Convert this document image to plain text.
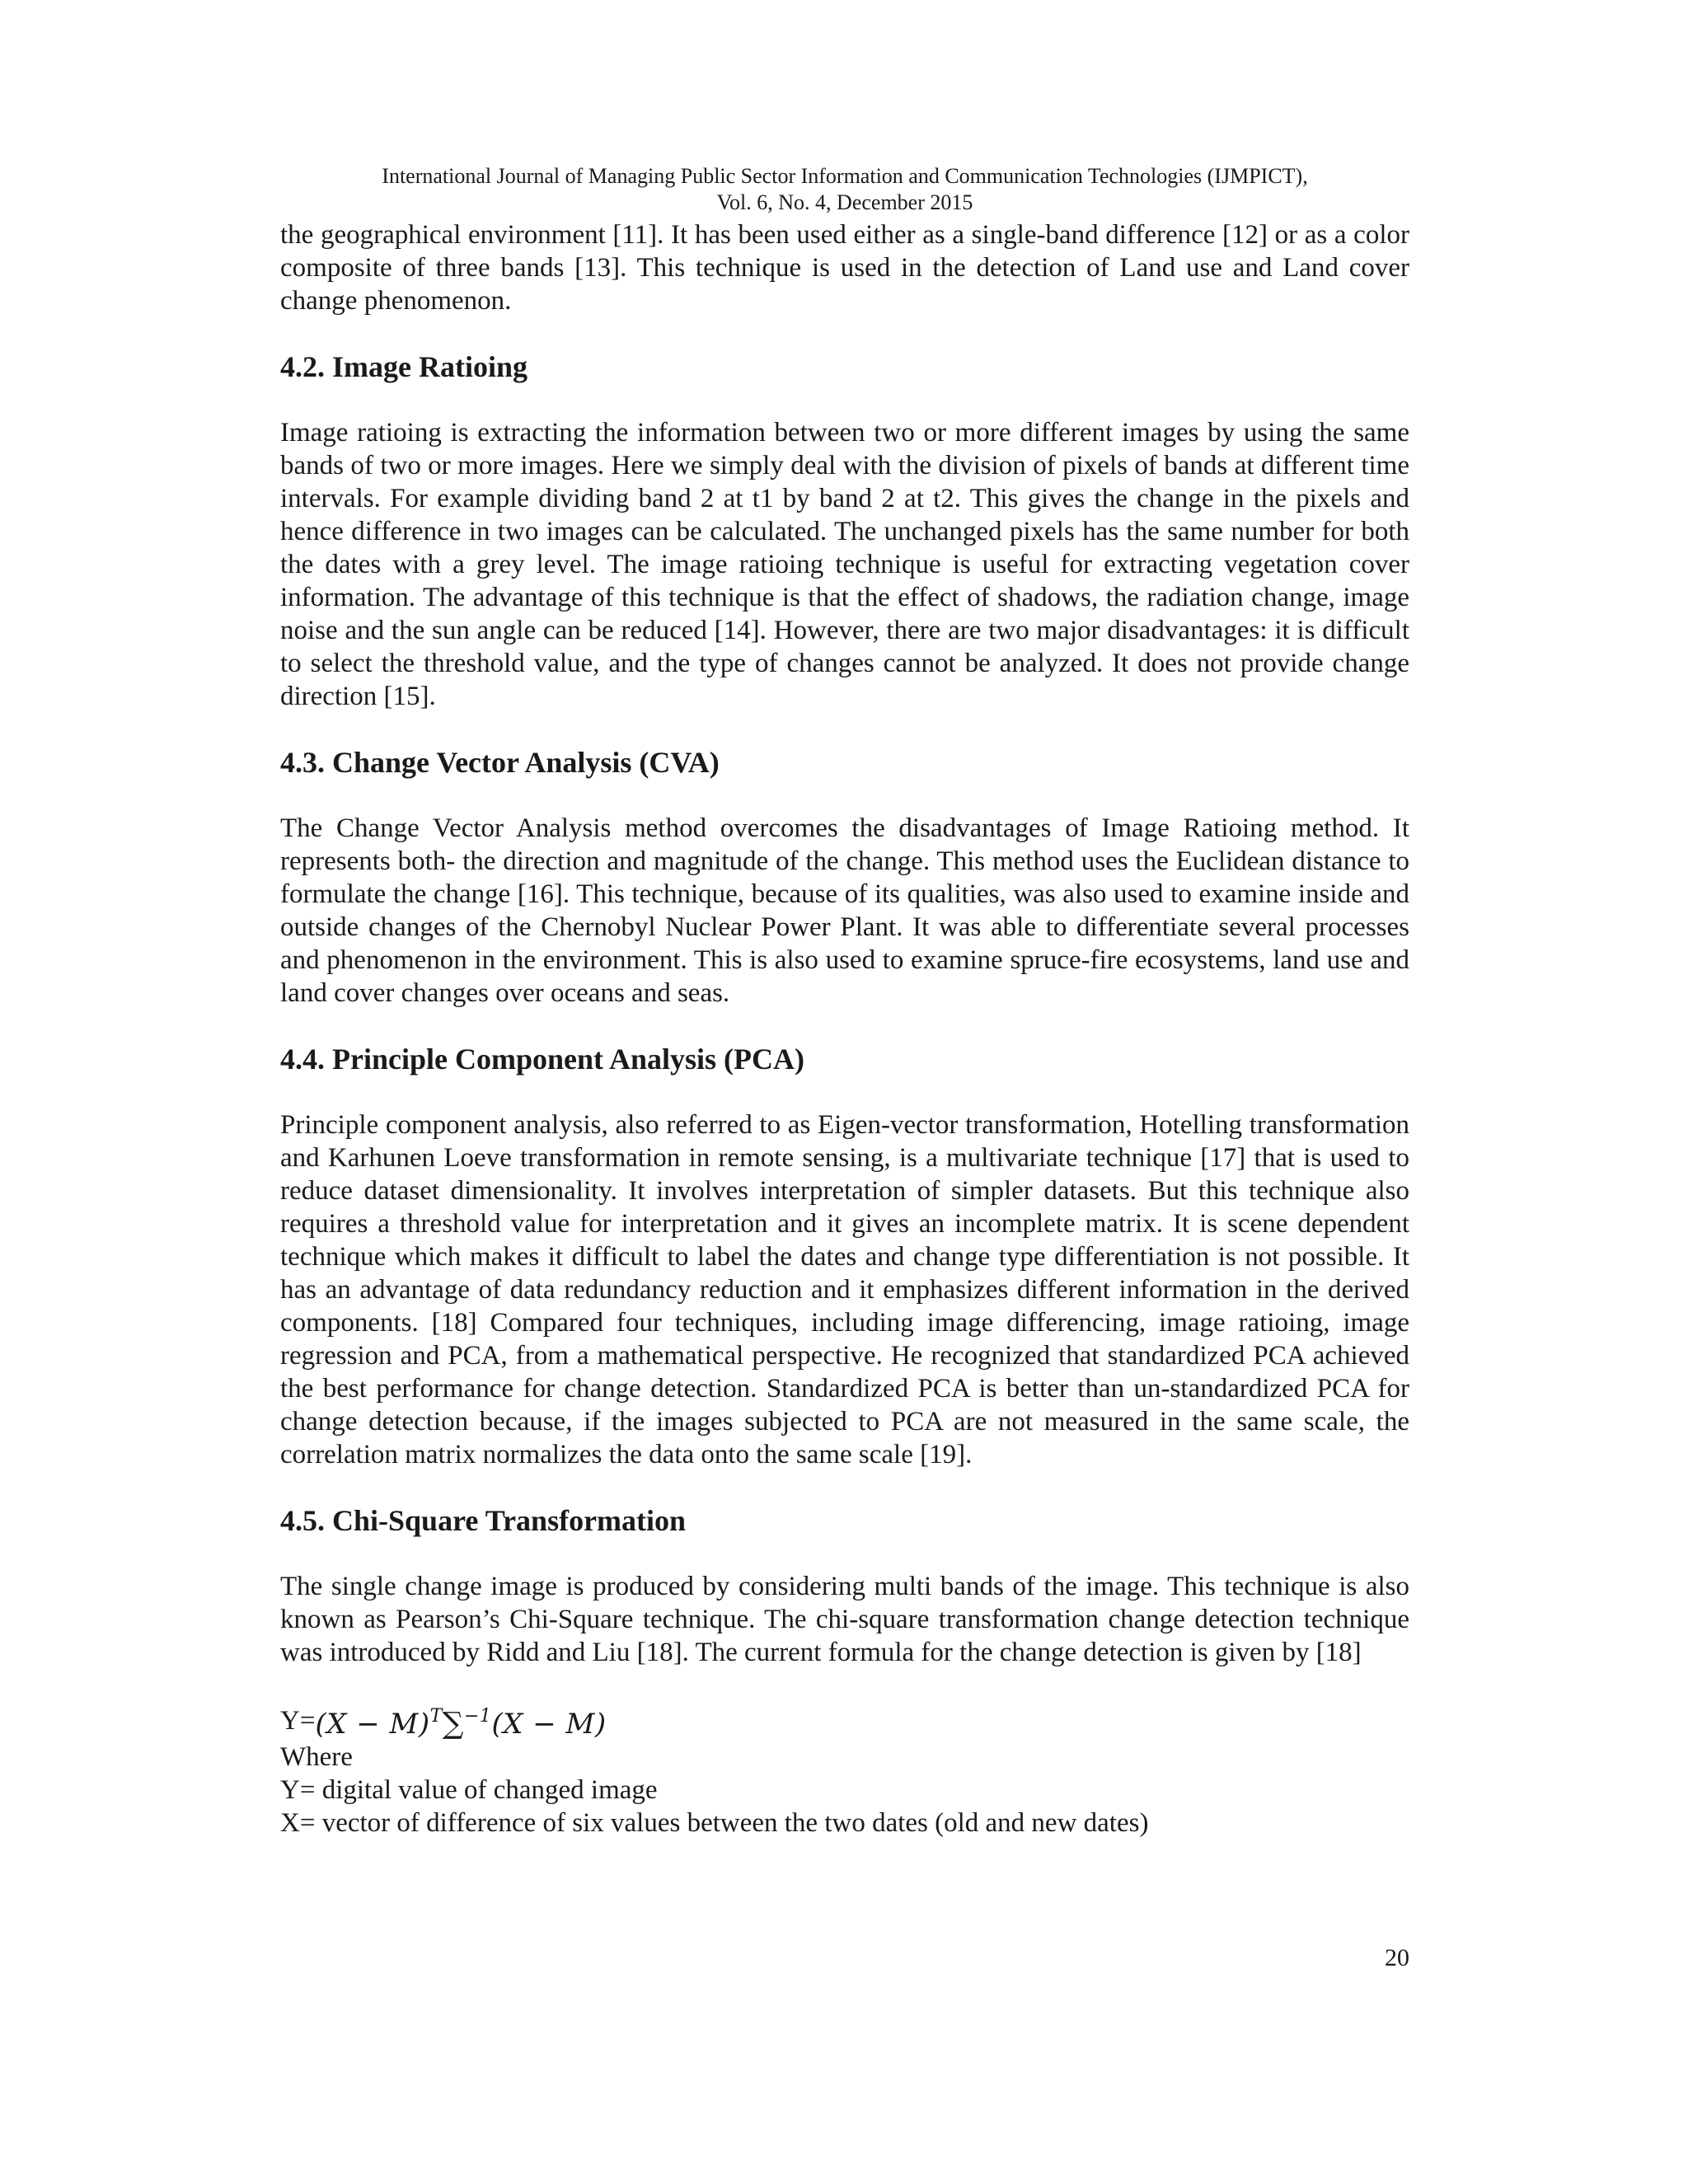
International Journal of Managing Public Sector Information and Communication Technologies (IJMPICT),
Vol. 6, No. 4, December 2015

the geographical environment [11]. It has been used either as a single-band difference [12] or as a color composite of three bands [13]. This technique is used in the detection of Land use and Land cover change phenomenon.

4.2. Image Ratioing

Image ratioing is extracting the information between two or more different images by using the same bands of two or more images. Here we simply deal with the division of pixels of bands at different time intervals. For example dividing band 2 at t1 by band 2 at t2. This gives the change in the pixels and hence difference in two images can be calculated. The unchanged pixels has the same number for both the dates with a grey level. The image ratioing technique is useful for extracting vegetation cover information. The advantage of this technique is that the effect of shadows, the radiation change, image noise and the sun angle can be reduced [14]. However, there are two major disadvantages: it is difficult to select the threshold value, and the type of changes cannot be analyzed. It does not provide change direction [15].

4.3. Change Vector Analysis (CVA)

The Change Vector Analysis method overcomes the disadvantages of Image Ratioing method. It represents both- the direction and magnitude of the change. This method uses the Euclidean distance to formulate the change [16]. This technique, because of its qualities, was also used to examine inside and outside changes of the Chernobyl Nuclear Power Plant. It was able to differentiate several processes and phenomenon in the environment. This is also used to examine spruce-fire ecosystems, land use and land cover changes over oceans and seas.

4.4. Principle Component Analysis (PCA)

Principle component analysis, also referred to as Eigen-vector transformation, Hotelling transformation and Karhunen Loeve transformation in remote sensing, is a multivariate technique [17] that is used to reduce dataset dimensionality. It involves interpretation of simpler datasets. But this technique also requires a threshold value for interpretation and it gives an incomplete matrix. It is scene dependent technique which makes it difficult to label the dates and change type differentiation is not possible. It has an advantage of data redundancy reduction and it emphasizes different information in the derived components. [18] Compared four techniques, including image differencing, image ratioing, image regression and PCA, from a mathematical perspective. He recognized that standardized PCA achieved the best performance for change detection. Standardized PCA is better than un-standardized PCA for change detection because, if the images subjected to PCA are not measured in the same scale, the correlation matrix normalizes the data onto the same scale [19].

4.5. Chi-Square Transformation

The single change image is produced by considering multi bands of the image. This technique is also known as Pearson’s Chi-Square technique. The chi-square transformation change detection technique was introduced by Ridd and Liu [18]. The current formula for the change detection is given by [18]

$Y= (X - M)^T\sum^{-1}(X - M)$

Where

Y= digital value of changed image

X= vector of difference of six values between the two dates (old and new dates)

20
